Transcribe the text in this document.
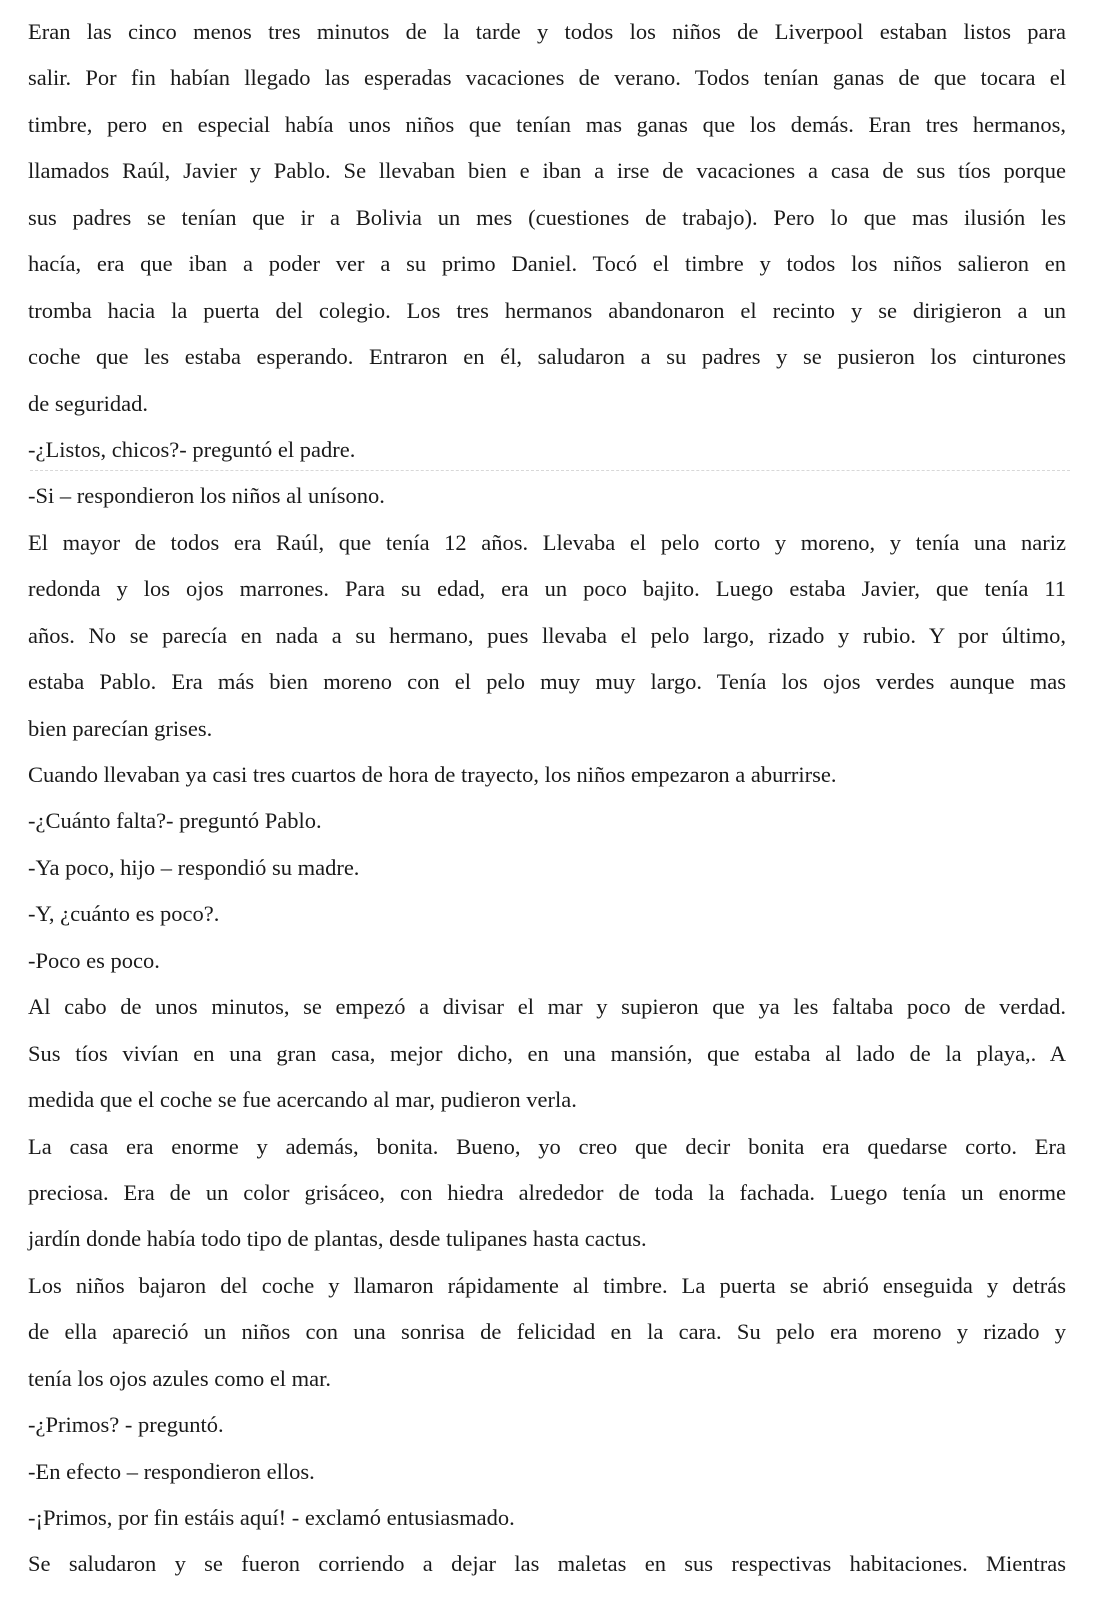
Eran las cinco menos tres minutos de la tarde y todos los niños de Liverpool estaban listos para
salir. Por fin habían llegado las esperadas vacaciones de verano. Todos tenían ganas de que tocara el
timbre, pero en especial había unos niños que tenían mas ganas que los demás. Eran tres hermanos,
llamados Raúl, Javier y Pablo. Se llevaban bien e iban a irse de vacaciones a casa de sus tíos porque
sus padres se tenían que ir a Bolivia un mes (cuestiones de trabajo). Pero lo que mas ilusión les
hacía, era que iban a poder ver a su primo Daniel. Tocó el timbre y todos los niños salieron en
tromba hacia la puerta del colegio. Los tres hermanos abandonaron el recinto y se dirigieron a un
coche que les estaba esperando. Entraron en él, saludaron a su padres y se pusieron los cinturones
de seguridad.
-¿Listos, chicos?- preguntó el padre.
-Si – respondieron los niños al unísono.
El mayor de todos era Raúl, que tenía 12 años. Llevaba el pelo corto y moreno, y tenía una nariz
redonda y los ojos marrones. Para su edad, era un poco bajito. Luego estaba Javier, que tenía 11
años. No se parecía en nada a su hermano, pues llevaba el pelo largo, rizado y rubio. Y por último,
estaba Pablo. Era más bien moreno con el pelo muy muy largo. Tenía los ojos verdes aunque mas
bien parecían grises.
Cuando llevaban ya casi tres cuartos de hora de trayecto, los niños empezaron a aburrirse.
-¿Cuánto falta?- preguntó Pablo.
-Ya poco, hijo – respondió su madre.
-Y, ¿cuánto es poco?.
-Poco es poco.
Al cabo de unos minutos, se empezó a divisar el mar y supieron que ya les faltaba poco de verdad.
Sus tíos vivían en una gran casa, mejor dicho, en una mansión, que estaba al lado de la playa,. A
medida que el coche se fue acercando al mar, pudieron verla.
La casa era enorme y además, bonita. Bueno, yo creo que decir bonita era quedarse corto. Era
preciosa. Era de un color grisáceo, con hiedra alrededor de toda la fachada. Luego tenía un enorme
jardín donde había todo tipo de plantas, desde tulipanes hasta cactus.
Los niños bajaron del coche y llamaron rápidamente al timbre. La puerta se abrió enseguida y detrás
de ella apareció un niños con una sonrisa de felicidad en la cara. Su pelo era moreno y rizado y
tenía los ojos azules como el mar.
-¿Primos? - preguntó.
-En efecto – respondieron ellos.
-¡Primos, por fin estáis aquí! - exclamó entusiasmado.
Se saludaron y se fueron corriendo a dejar las maletas en sus respectivas habitaciones. Mientras
